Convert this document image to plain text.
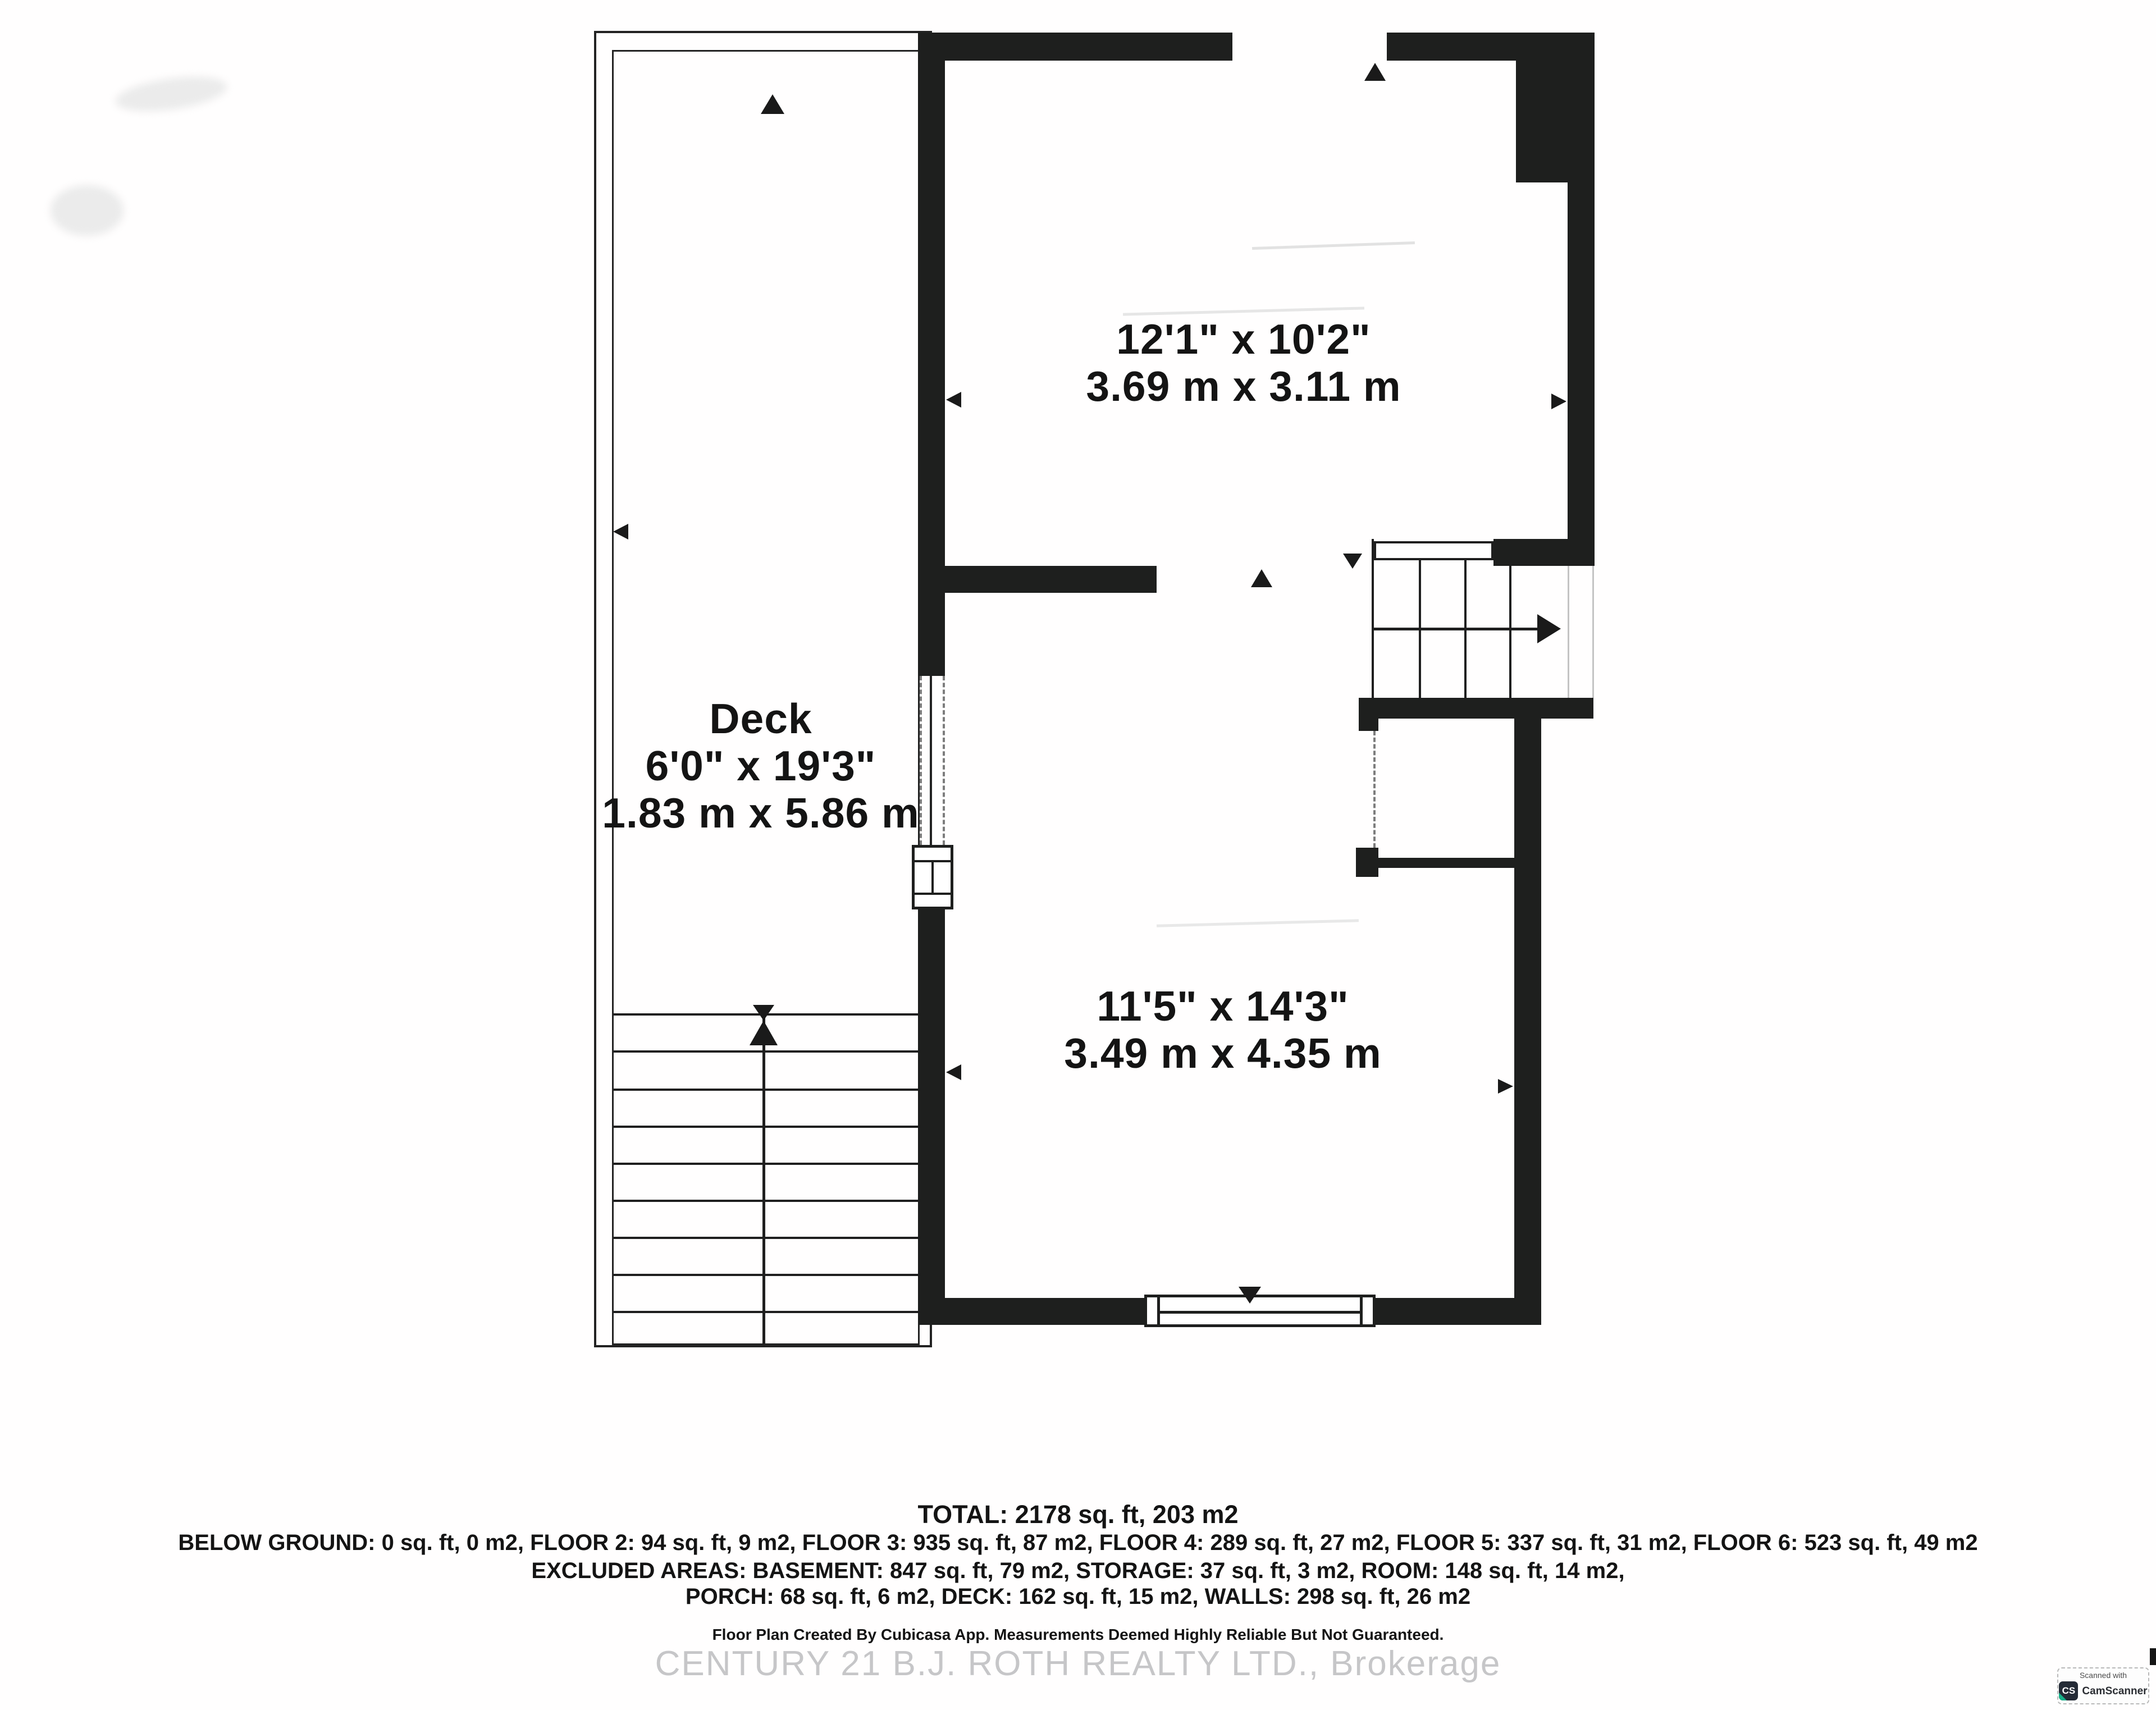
Deck
6'0" x 19'3"
1.83 m x 5.86 m
12'1" x 10'2"
3.69 m x 3.11 m
11'5" x 14'3"
3.49 m x 4.35 m
TOTAL: 2178 sq. ft, 203 m2
BELOW GROUND: 0 sq. ft, 0 m2, FLOOR 2: 94 sq. ft, 9 m2, FLOOR 3: 935 sq. ft, 87 m2, FLOOR 4: 289 sq. ft, 27 m2, FLOOR 5: 337 sq. ft, 31 m2, FLOOR 6: 523 sq. ft, 49 m2
EXCLUDED AREAS: BASEMENT: 847 sq. ft, 79 m2, STORAGE: 37 sq. ft, 3 m2, ROOM: 148 sq. ft, 14 m2,
PORCH: 68 sq. ft, 6 m2, DECK: 162 sq. ft, 15 m2, WALLS: 298 sq. ft, 26 m2
Floor Plan Created By Cubicasa App. Measurements Deemed Highly Reliable But Not Guaranteed.
CENTURY 21 B.J. ROTH REALTY LTD., Brokerage	Scanned with
CS CamScanner
